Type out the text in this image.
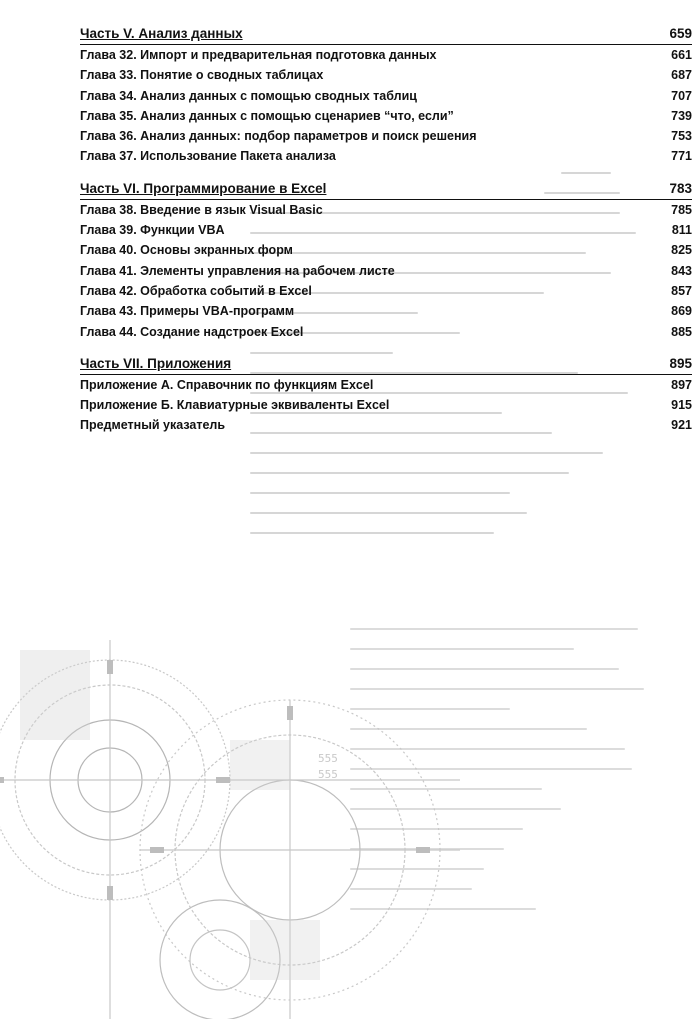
555
555
Часть V. Анализ данных	659
Глава 32. Импорт и предварительная подготовка данных	661
Глава 33. Понятие о сводных таблицах	687
Глава 34. Анализ данных с помощью сводных таблиц	707
Глава 35. Анализ данных с помощью сценариев “что, если”	739
Глава 36. Анализ данных: подбор параметров и поиск решения	753
Глава 37. Использование Пакета анализа	771
Часть VI. Программирование в Excel	783
Глава 38. Введение в язык Visual Basic	785
Глава 39. Функции VBA	811
Глава 40. Основы экранных форм	825
Глава 41. Элементы управления на рабочем листе	843
Глава 42. Обработка событий в Excel	857
Глава 43. Примеры VBA-программ	869
Глава 44. Создание надстроек Excel	885
Часть VII. Приложения	895
Приложение А. Справочник по функциям Excel	897
Приложение Б. Клавиатурные эквиваленты Excel	915
Предметный указатель	921
